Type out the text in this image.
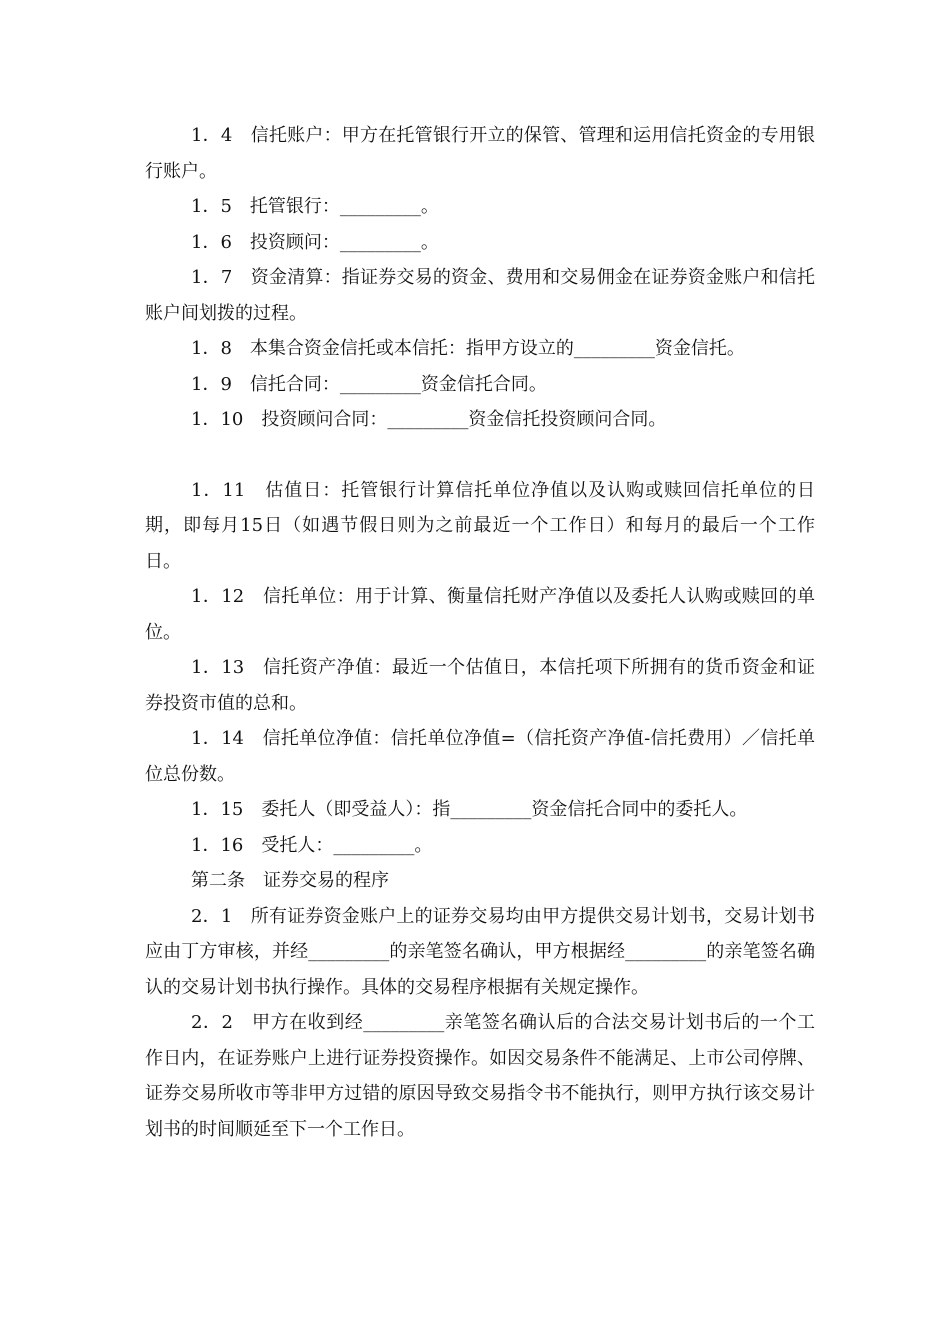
1．4　信托账户：甲方在托管银行开立的保管、管理和运用信托资金的专用银行账户。

1．5　托管银行：_________。

1．6　投资顾问：_________。

1．7　资金清算：指证券交易的资金、费用和交易佣金在证券资金账户和信托账户间划拨的过程。

1．8　本集合资金信托或本信托：指甲方设立的_________资金信托。

1．9　信托合同：_________资金信托合同。

1．10　投资顾问合同：_________资金信托投资顾问合同。

1．11　估值日：托管银行计算信托单位净值以及认购或赎回信托单位的日期，即每月15日（如遇节假日则为之前最近一个工作日）和每月的最后一个工作日。

1．12　信托单位：用于计算、衡量信托财产净值以及委托人认购或赎回的单位。

1．13　信托资产净值：最近一个估值日，本信托项下所拥有的货币资金和证券投资市值的总和。

1．14　信托单位净值：信托单位净值=（信托资产净值-信托费用）／信托单位总份数。

1．15　委托人（即受益人）：指_________资金信托合同中的委托人。

1．16　受托人：_________。

第二条　证券交易的程序

2．1　所有证券资金账户上的证券交易均由甲方提供交易计划书，交易计划书应由丁方审核，并经_________的亲笔签名确认，甲方根据经_________的亲笔签名确认的交易计划书执行操作。具体的交易程序根据有关规定操作。

2．2　甲方在收到经_________亲笔签名确认后的合法交易计划书后的一个工作日内，在证券账户上进行证券投资操作。如因交易条件不能满足、上市公司停牌、证券交易所收市等非甲方过错的原因导致交易指令书不能执行，则甲方执行该交易计划书的时间顺延至下一个工作日。
